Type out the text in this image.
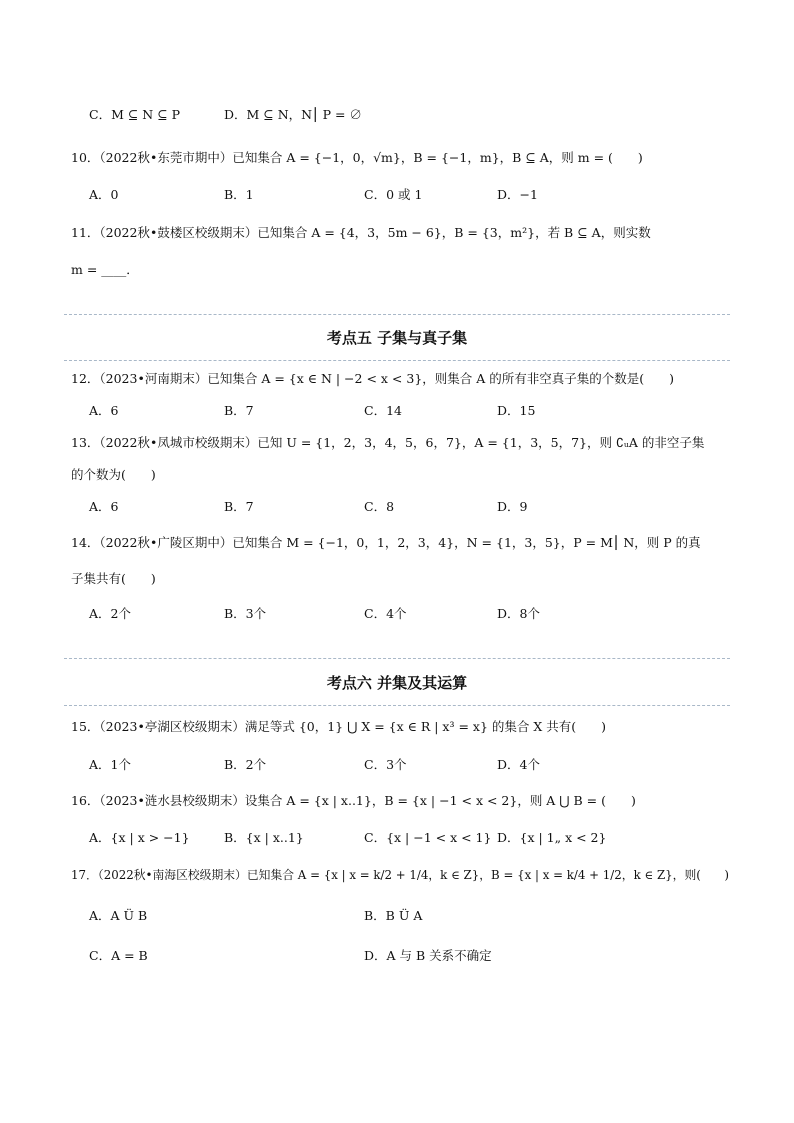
C．M ⊆ N ⊆ P	D．M ⊆ N，N⎮ P = ∅
10．（2022秋•东莞市期中）已知集合 A = {−1，0，√m}，B = {−1，m}，B ⊆ A，则 m = (　　)
A．0	B．1	C．0 或 1	D．−1
11．（2022秋•鼓楼区校级期末）已知集合 A = {4，3，5m − 6}，B = {3，m²}，若 B ⊆ A，则实数
m = ____．
考点五 子集与真子集
12．（2023•河南期末）已知集合 A = {x ∈ N | −2 < x < 3}，则集合 A 的所有非空真子集的个数是(　　)
A．6	B．7	C．14	D．15
13．（2022秋•凤城市校级期末）已知 U = {1，2，3，4，5，6，7}，A = {1，3，5，7}，则 ∁ᵤA 的非空子集
的个数为(　　)
A．6	B．7	C．8	D．9
14．（2022秋•广陵区期中）已知集合 M = {−1，0，1，2，3，4}，N = {1，3，5}，P = M⎮ N，则 P 的真
子集共有(　　)
A．2个	B．3个	C．4个	D．8个
考点六 并集及其运算
15．（2023•亭湖区校级期末）满足等式 {0，1} ⋃ X = {x ∈ R | x³ = x} 的集合 X 共有(　　)
A．1个	B．2个	C．3个	D．4个
16．（2023•涟水县校级期末）设集合 A = {x | x..1}，B = {x | −1 < x < 2}，则 A ⋃ B = (　　)
A．{x | x > −1}	B．{x | x..1}	C．{x | −1 < x < 1} D．{x | 1„ x < 2}
17．（2022秋•南海区校级期末）已知集合 A = {x | x = k/2 + 1/4，k ∈ Z}，B = {x | x = k/4 + 1/2，k ∈ Z}，则(　　)
A．A Ü B	B．B Ü A
C．A = B	D．A 与 B 关系不确定
